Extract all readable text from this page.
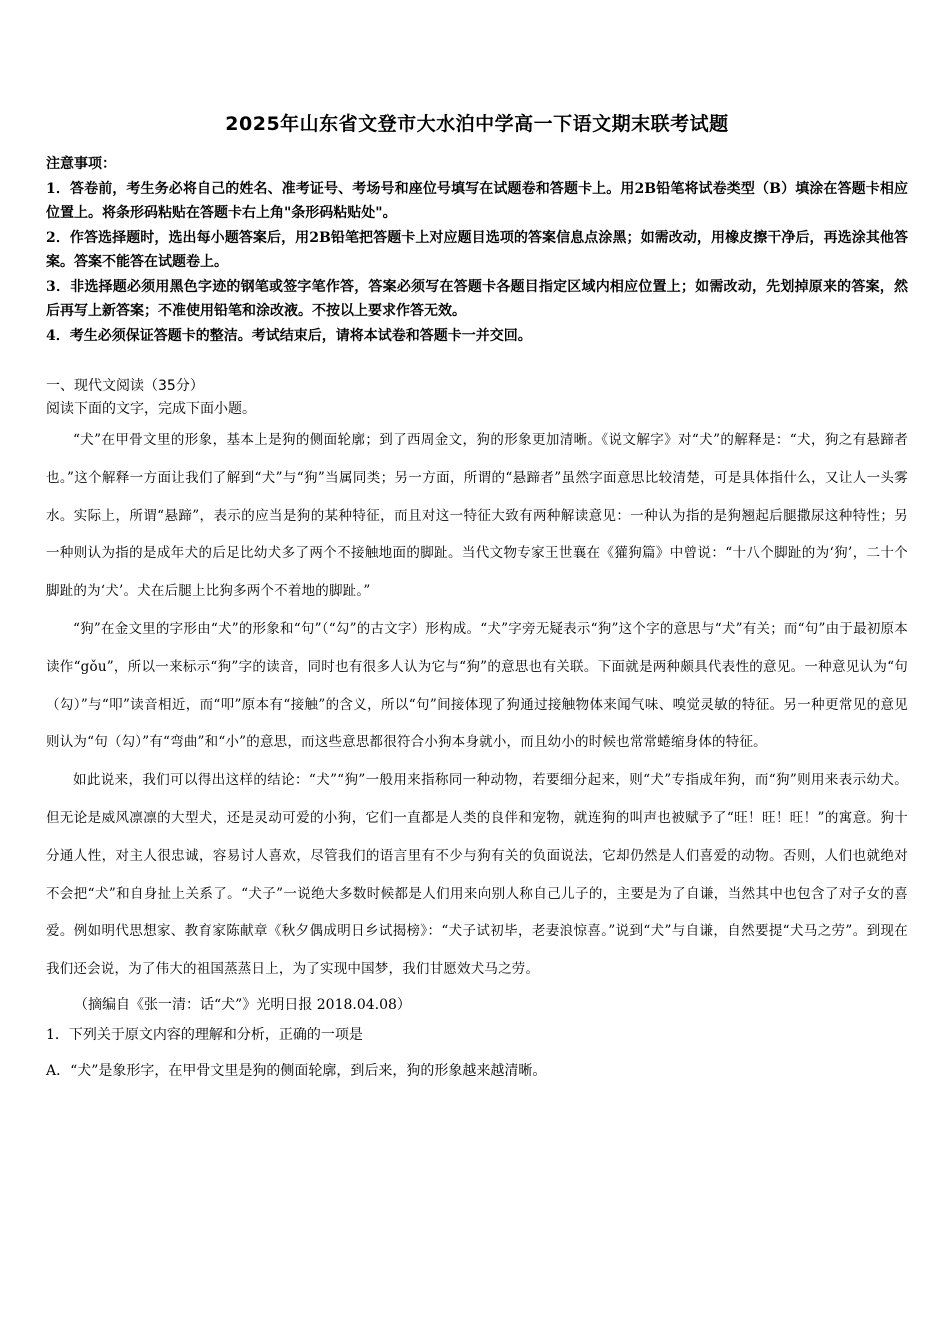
2025年山东省文登市大水泊中学高一下语文期末联考试题

注意事项：

1．答卷前，考生务必将自己的姓名、准考证号、考场号和座位号填写在试题卷和答题卡上。用2B铅笔将试卷类型（B）填涂在答题卡相应位置上。将条形码粘贴在答题卡右上角"条形码粘贴处"。

2．作答选择题时，选出每小题答案后，用2B铅笔把答题卡上对应题目选项的答案信息点涂黑；如需改动，用橡皮擦干净后，再选涂其他答案。答案不能答在试题卷上。

3．非选择题必须用黑色字迹的钢笔或签字笔作答，答案必须写在答题卡各题目指定区域内相应位置上；如需改动，先划掉原来的答案，然后再写上新答案；不准使用铅笔和涂改液。不按以上要求作答无效。

4．考生必须保证答题卡的整洁。考试结束后，请将本试卷和答题卡一并交回。

一、现代文阅读（35分）
阅读下面的文字，完成下面小题。

“犬”在甲骨文里的形象，基本上是狗的侧面轮廓；到了西周金文，狗的形象更加清晰。《说文解字》对“犬”的解释是：“犬，狗之有悬蹄者也。”这个解释一方面让我们了解到“犬”与“狗”当属同类；另一方面，所谓的“悬蹄者”虽然字面意思比较清楚，可是具体指什么，又让人一头雾水。实际上，所谓“悬蹄”，表示的应当是狗的某种特征，而且对这一特征大致有两种解读意见：一种认为指的是狗翘起后腿撒尿这种特性；另一种则认为指的是成年犬的后足比幼犬多了两个不接触地面的脚趾。当代文物专家王世襄在《獾狗篇》中曾说：“十八个脚趾的为‘狗’，二十个脚趾的为‘犬’。犬在后腿上比狗多两个不着地的脚趾。”

“狗”在金文里的字形由“犬”的形象和“句”（“勾”的古文字）形构成。“犬”字旁无疑表示“狗”这个字的意思与“犬”有关；而“句”由于最初原本读作“gǒu”，所以一来标示“狗”字的读音，同时也有很多人认为它与“狗”的意思也有关联。下面就是两种颇具代表性的意见。一种意见认为“句（勾）”与“叩”读音相近，而“叩”原本有“接触”的含义，所以“句”间接体现了狗通过接触物体来闻气味、嗅觉灵敏的特征。另一种更常见的意见则认为“句（勾）”有“弯曲”和“小”的意思，而这些意思都很符合小狗本身就小，而且幼小的时候也常常蜷缩身体的特征。

如此说来，我们可以得出这样的结论：“犬”“狗”一般用来指称同一种动物，若要细分起来，则“犬”专指成年狗，而“狗”则用来表示幼犬。但无论是威风凛凛的大型犬，还是灵动可爱的小狗，它们一直都是人类的良伴和宠物，就连狗的叫声也被赋予了“旺！旺！旺！”的寓意。狗十分通人性，对主人很忠诚，容易讨人喜欢，尽管我们的语言里有不少与狗有关的负面说法，它却仍然是人们喜爱的动物。否则，人们也就绝对不会把“犬”和自身扯上关系了。“犬子”一说绝大多数时候都是人们用来向别人称自己儿子的，主要是为了自谦，当然其中也包含了对子女的喜爱。例如明代思想家、教育家陈献章《秋夕偶成明日乡试揭榜》：“犬子试初毕，老妻浪惊喜。”说到“犬”与自谦，自然要提“犬马之劳”。到现在我们还会说，为了伟大的祖国蒸蒸日上，为了实现中国梦，我们甘愿效犬马之劳。

（摘编自《张一清：话“犬”》光明日报 2018.04.08）

1．下列关于原文内容的理解和分析，正确的一项是

A．“犬”是象形字，在甲骨文里是狗的侧面轮廓，到后来，狗的形象越来越清晰。
